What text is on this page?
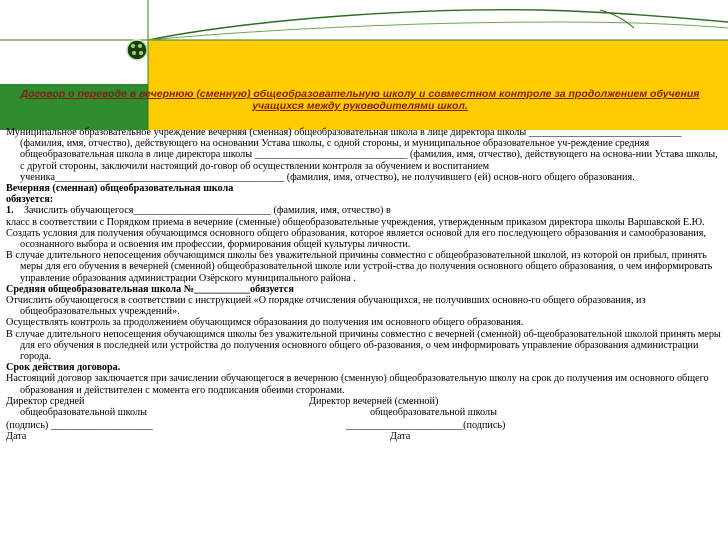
Договор о переводе в вечернюю (сменную) общеобразовательную школу и совместном контроле за продолжением обучения
учащихся между руководителями школ.

Муниципальное образовательное учреждение вечерняя (сменная) общеобразовательная школа в лице директора школы ______________________________ (фамилия, имя, отчество), действующего на основании Устава школы, с одной стороны, и муниципальное образовательное уч-реждение средняя общеобразовательная школа в лице директора школы ______________________________ (фамилия, имя, отчество), действующего на основа-нии Устава школы, с другой стороны, заключили настоящий до-говор об осуществлении контроля за обучением и воспитанием ученика_____________________________________________ (фамилия, имя, отчество), не получившего (ей) основ-ного общего образования.

Вечерняя (сменная) общеобразовательная школа

обязуется:

1. Зачислить обучающегося___________________________ (фамилия, имя, отчество) в

класс в соответствии с Порядком приема в вечерние (сменные) общеобразовательные учреждения, утвержденным приказом директора школы Варшавской Е.Ю.

Создать условия для получения обучающимся основного общего образования, которое является основой для его последующего образования и самообразования, осознанного выбора и освоения им профессии, формирования общей культуры личности.

В случае длительного непосещения обучающимся школы без уважительной причины совместно с общеобразовательной школой, из которой он прибыл, принять меры для его обучения в вечерней (сменной) общеобразовательной школе или устрой-ства до получения основного общего образования, о чем информировать управление образования администрации Озёрского муниципального района .

Средняя общеобразовательная школа №___________обязуется

Отчислить обучающегося в соответствии с инструкцией «О порядке отчисления обучающихся, не получивших основно-го общего образования, из общеобразовательных учреждений».

Осуществлять контроль за продолжением обучающимся образования до получения им основного общего образования.

В случае длительного непосещения обучающимся школы без уважительной причины совместно с вечерней (сменной) об-щеобразовательной школой принять меры для его обучения в последней или устройства до получения основного общего об-разования, о чем информировать управление образования администрации города.

Срок действия договора.

Настоящий договор заключается при зачислении обучающегося в вечернюю (сменную) общеобразовательную школу на срок до получения им основного общего образования и действителен с момента его подписания обеими сторонами.

Директор средней	Директор вечерней (сменной)
общеобразовательной школы	общеобразовательной школы
(подпись) ____________________	_______________________(подпись)
Дата	Дата
